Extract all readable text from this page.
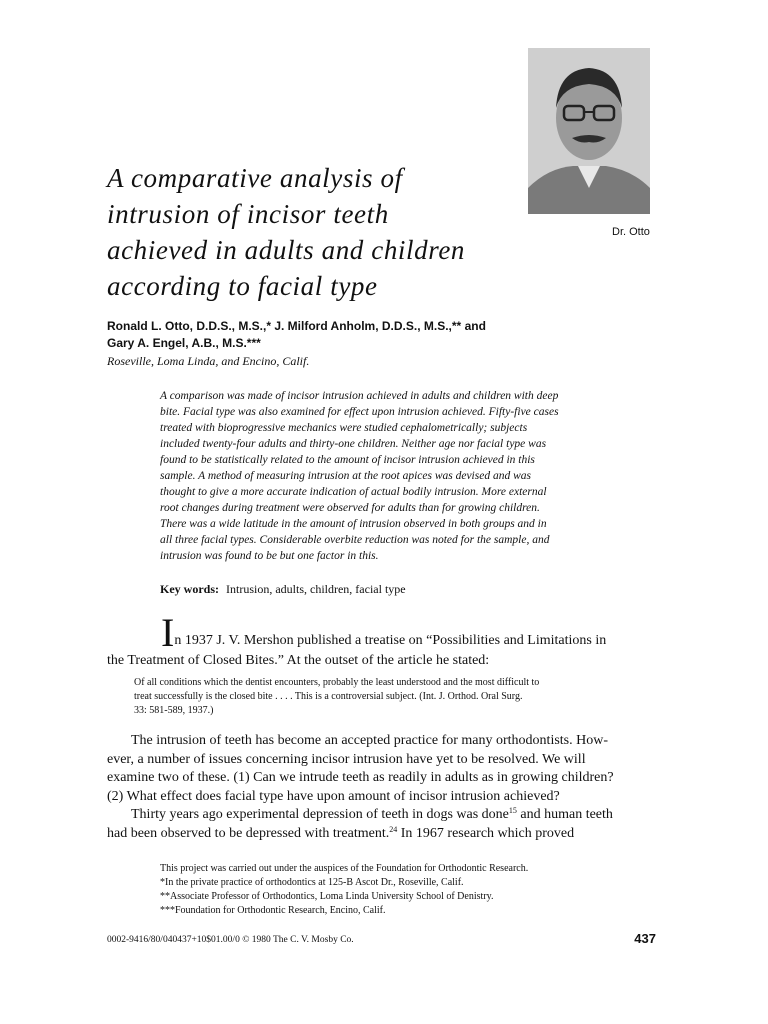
Dr. Otto
A comparative analysis of
intrusion of incisor teeth
achieved in adults and children
according to facial type
Ronald L. Otto, D.D.S., M.S.,* J. Milford Anholm, D.D.S., M.S.,** and
Gary A. Engel, A.B., M.S.***
Roseville, Loma Linda, and Encino, Calif.
A comparison was made of incisor intrusion achieved in adults and children with deep
bite. Facial type was also examined for effect upon intrusion achieved. Fifty-five cases
treated with bioprogressive mechanics were studied cephalometrically; subjects
included twenty-four adults and thirty-one children. Neither age nor facial type was
found to be statistically related to the amount of incisor intrusion achieved in this
sample. A method of measuring intrusion at the root apices was devised and was
thought to give a more accurate indication of actual bodily intrusion. More external
root changes during treatment were observed for adults than for growing children.
There was a wide latitude in the amount of intrusion observed in both groups and in
all three facial types. Considerable overbite reduction was noted for the sample, and
intrusion was found to be but one factor in this.
Key words: Intrusion, adults, children, facial type
In 1937 J. V. Mershon published a treatise on “Possibilities and Limitations in
the Treatment of Closed Bites.” At the outset of the article he stated:
Of all conditions which the dentist encounters, probably the least understood and the most difficult to
treat successfully is the closed bite . . . . This is a controversial subject. (Int. J. Orthod. Oral Surg.
33: 581-589, 1937.)
The intrusion of teeth has become an accepted practice for many orthodontists. How-
ever, a number of issues concerning incisor intrusion have yet to be resolved. We will
examine two of these. (1) Can we intrude teeth as readily in adults as in growing children?
(2) What effect does facial type have upon amount of incisor intrusion achieved?
Thirty years ago experimental depression of teeth in dogs was done$^{15}$ and human teeth
had been observed to be depressed with treatment.$^{24}$ In 1967 research which proved
This project was carried out under the auspices of the Foundation for Orthodontic Research.
*In the private practice of orthodontics at 125-B Ascot Dr., Roseville, Calif.
**Associate Professor of Orthodontics, Loma Linda University School of Denistry.
***Foundation for Orthodontic Research, Encino, Calif.
0002-9416/80/040437+10$01.00/0 © 1980 The C. V. Mosby Co.	437
